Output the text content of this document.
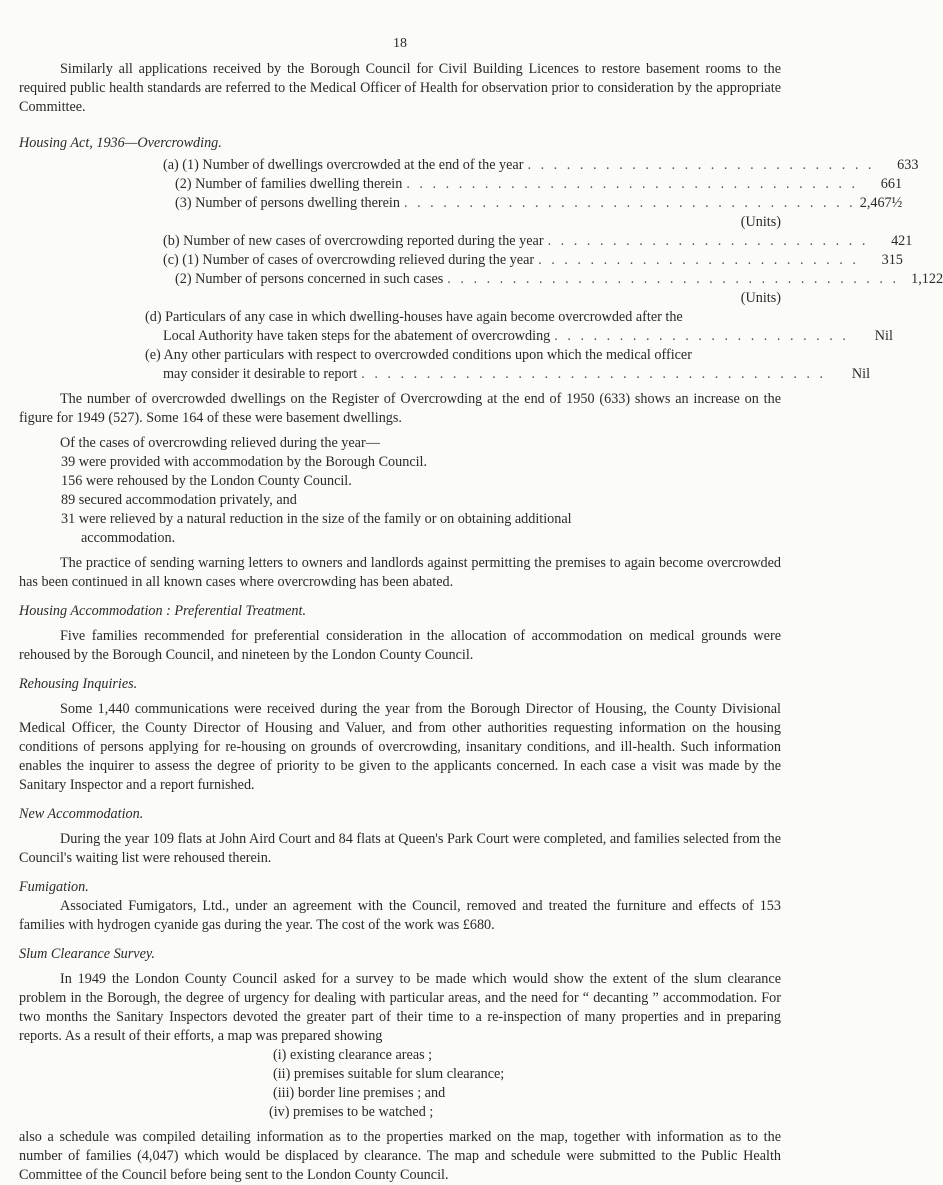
18

Similarly all applications received by the Borough Council for Civil Building Licences to restore basement rooms to the required public health standards are referred to the Medical Officer of Health for observation prior to consideration by the appropriate Committee.

Housing Act, 1936—Overcrowding.

(a) (1) Number of dwellings overcrowded at the end of the year . . . . . . . . . . . . . . . . . . . . . . . . . . .	633
(2) Number of families dwelling therein . . . . . . . . . . . . . . . . . . . . . . . . . . . . . . . . . . .	661
(3) Number of persons dwelling therein . . . . . . . . . . . . . . . . . . . . . . . . . . . . . . . . . . . 2,467½
(Units)
(b) Number of new cases of overcrowding reported during the year . . . . . . . . . . . . . . . . . . . . . . . . .	421
(c) (1) Number of cases of overcrowding relieved during the year . . . . . . . . . . . . . . . . . . . . . . . . .	315
(2) Number of persons concerned in such cases . . . . . . . . . . . . . . . . . . . . . . . . . . . . . . . . . . . 1,122
(Units)
(d) Particulars of any case in which dwelling-houses have again become overcrowded after the
Local Authority have taken steps for the abatement of overcrowding . . . . . . . . . . . . . . . . . . . . . . .	Nil
(e) Any other particulars with respect to overcrowded conditions upon which the medical officer
may consider it desirable to report . . . . . . . . . . . . . . . . . . . . . . . . . . . . . . . . . . . .	Nil

The number of overcrowded dwellings on the Register of Overcrowding at the end of 1950 (633) shows an increase on the figure for 1949 (527). Some 164 of these were basement dwellings.

Of the cases of overcrowding relieved during the year—

39 were provided with accommodation by the Borough Council.
156 were rehoused by the London County Council.
89 secured accommodation privately, and
31 were relieved by a natural reduction in the size of the family or on obtaining additional
accommodation.

The practice of sending warning letters to owners and landlords against permitting the premises to again become overcrowded has been continued in all known cases where overcrowding has been abated.

Housing Accommodation : Preferential Treatment.

Five families recommended for preferential consideration in the allocation of accommodation on medical grounds were rehoused by the Borough Council, and nineteen by the London County Council.

Rehousing Inquiries.

Some 1,440 communications were received during the year from the Borough Director of Housing, the County Divisional Medical Officer, the County Director of Housing and Valuer, and from other authorities requesting information on the housing conditions of persons applying for re-housing on grounds of overcrowding, insanitary conditions, and ill-health. Such information enables the inquirer to assess the degree of priority to be given to the applicants concerned. In each case a visit was made by the Sanitary Inspector and a report furnished.

New Accommodation.

During the year 109 flats at John Aird Court and 84 flats at Queen's Park Court were completed, and families selected from the Council's waiting list were rehoused therein.

Fumigation.

Associated Fumigators, Ltd., under an agreement with the Council, removed and treated the furniture and effects of 153 families with hydrogen cyanide gas during the year. The cost of the work was £680.

Slum Clearance Survey.

In 1949 the London County Council asked for a survey to be made which would show the extent of the slum clearance problem in the Borough, the degree of urgency for dealing with particular areas, and the need for “ decanting ” accommodation. For two months the Sanitary Inspectors devoted the greater part of their time to a re-inspection of many properties and in preparing reports. As a result of their efforts, a map was prepared showing

(i) existing clearance areas ;
(ii) premises suitable for slum clearance;
(iii) border line premises ; and
(iv) premises to be watched ;

also a schedule was compiled detailing information as to the properties marked on the map, together with information as to the number of families (4,047) which would be displaced by clearance. The map and schedule were submitted to the Public Health Committee of the Council before being sent to the London County Council.
